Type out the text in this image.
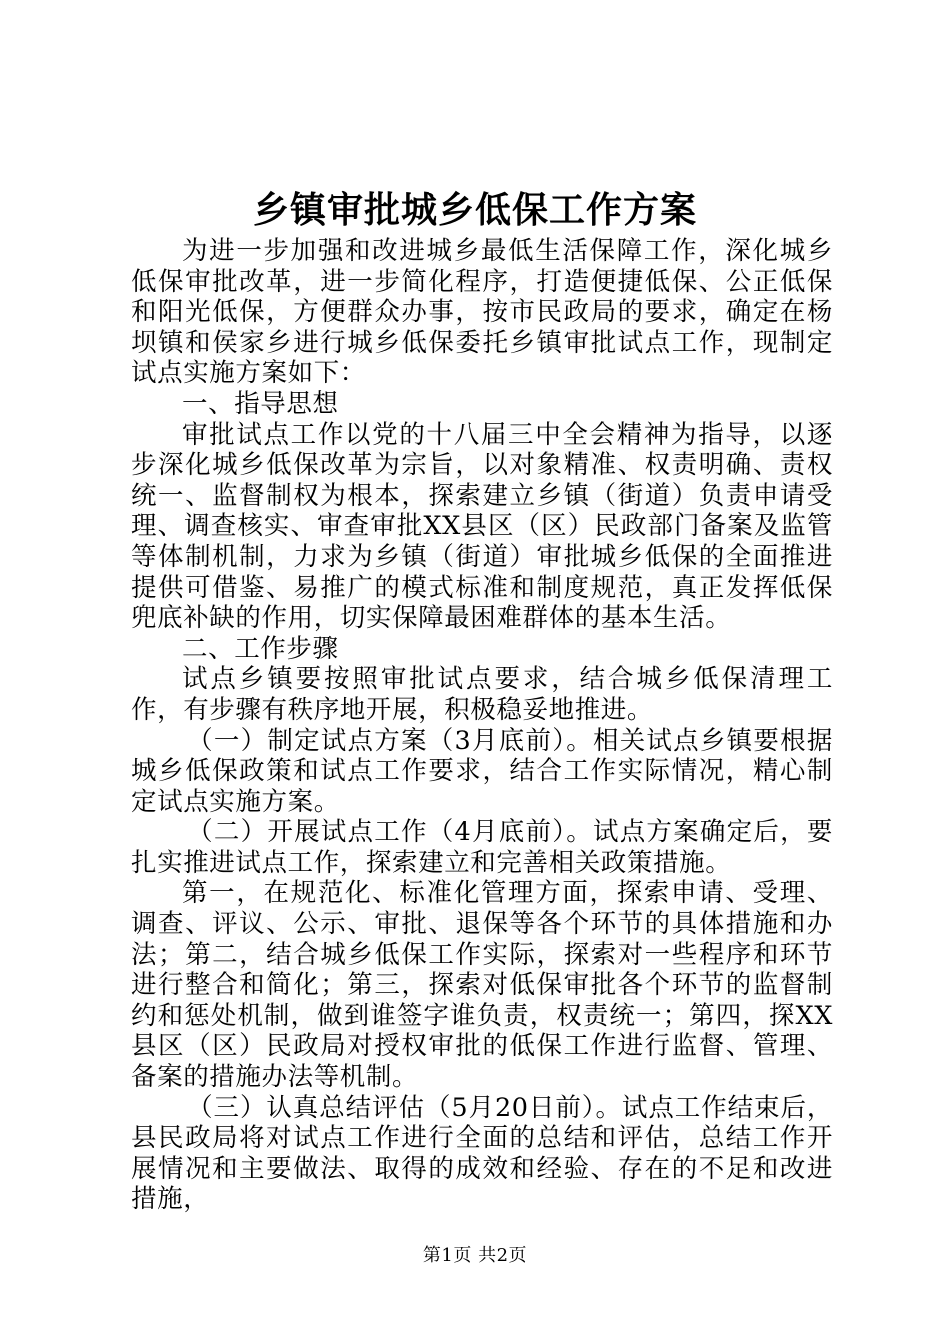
乡镇审批城乡低保工作方案

为进一步加强和改进城乡最低生活保障工作，深化城乡低保审批改革，进一步简化程序，打造便捷低保、公正低保和阳光低保，方便群众办事，按市民政局的要求，确定在杨坝镇和侯家乡进行城乡低保委托乡镇审批试点工作，现制定试点实施方案如下：

一、指导思想

审批试点工作以党的十八届三中全会精神为指导，以逐步深化城乡低保改革为宗旨，以对象精准、权责明确、责权统一、监督制权为根本，探索建立乡镇（街道）负责申请受理、调查核实、审查审批XX县区（区）民政部门备案及监管等体制机制，力求为乡镇（街道）审批城乡低保的全面推进提供可借鉴、易推广的模式标准和制度规范，真正发挥低保兜底补缺的作用，切实保障最困难群体的基本生活。

二、工作步骤

试点乡镇要按照审批试点要求，结合城乡低保清理工作，有步骤有秩序地开展，积极稳妥地推进。

（一）制定试点方案（3月底前）。相关试点乡镇要根据城乡低保政策和试点工作要求，结合工作实际情况，精心制定试点实施方案。

（二）开展试点工作（4月底前）。试点方案确定后，要扎实推进试点工作，探索建立和完善相关政策措施。

第一，在规范化、标准化管理方面，探索申请、受理、调查、评议、公示、审批、退保等各个环节的具体措施和办法；第二，结合城乡低保工作实际，探索对一些程序和环节进行整合和简化；第三，探索对低保审批各个环节的监督制约和惩处机制，做到谁签字谁负责，权责统一；第四，探XX县区（区）民政局对授权审批的低保工作进行监督、管理、备案的措施办法等机制。

（三）认真总结评估（5月20日前）。试点工作结束后，县民政局将对试点工作进行全面的总结和评估，总结工作开展情况和主要做法、取得的成效和经验、存在的不足和改进措施，

第1页 共2页
